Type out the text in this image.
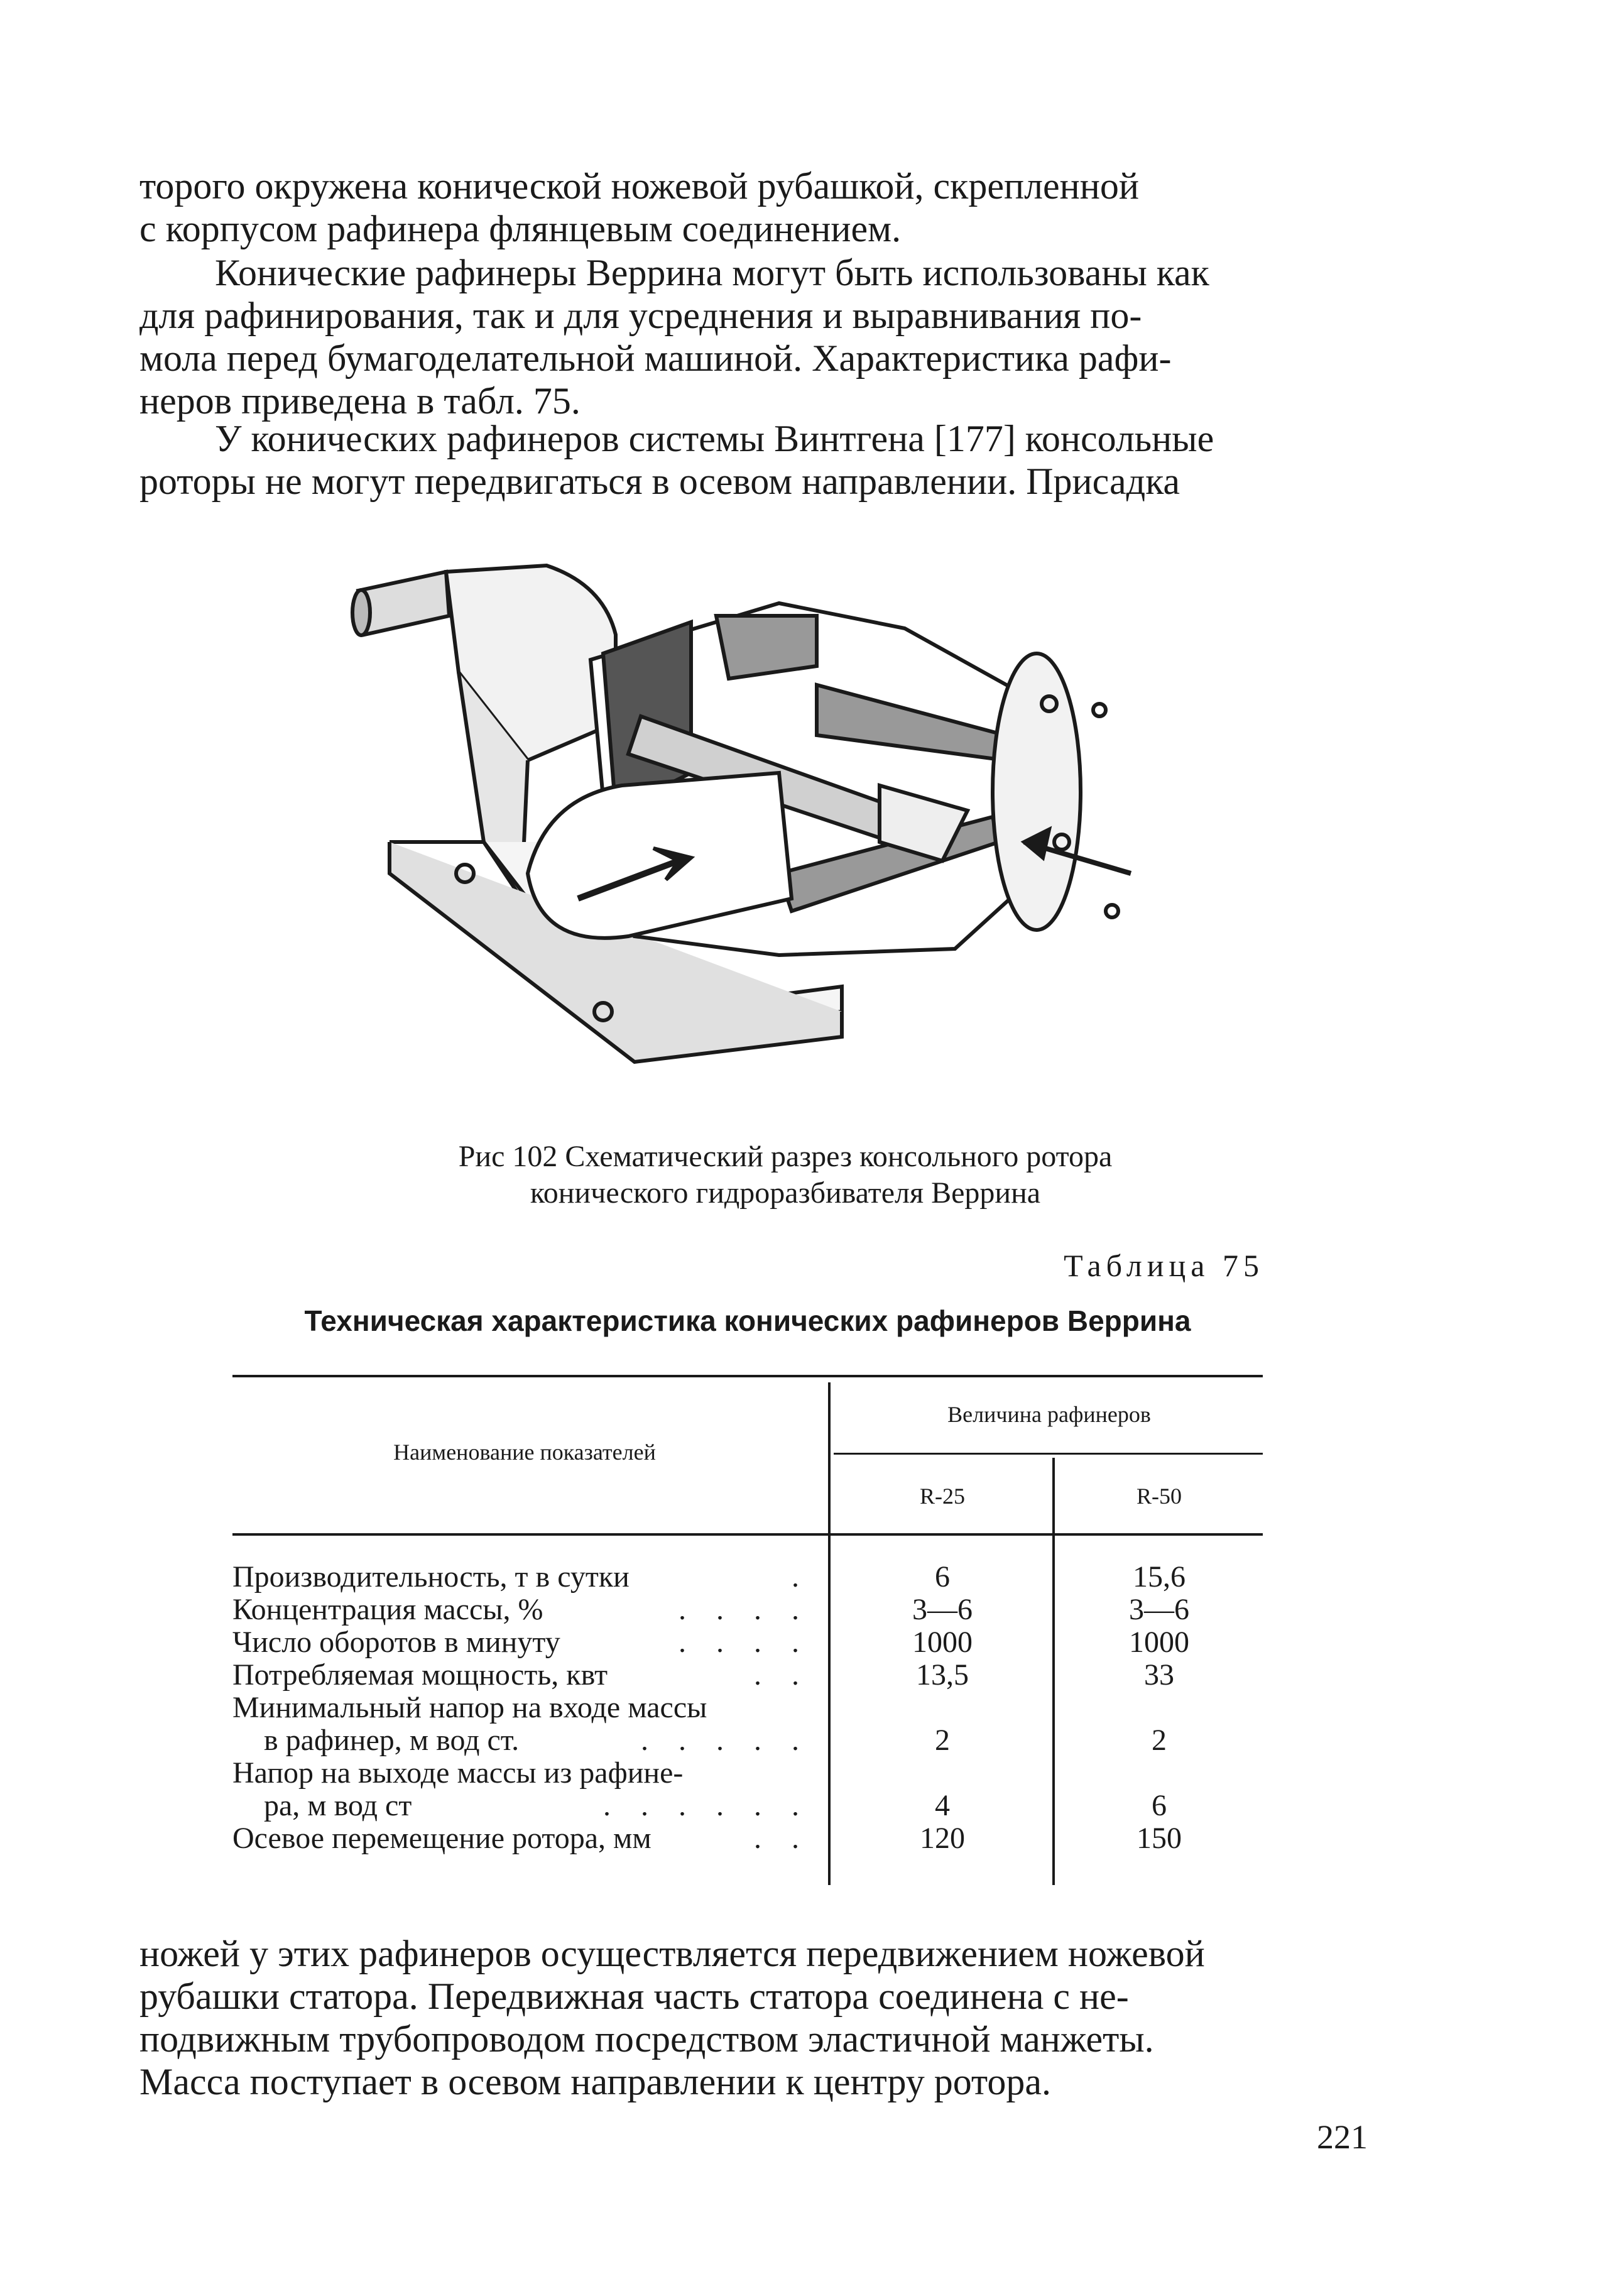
торого окружена конической ножевой рубашкой, скрепленной
с корпусом рафинера флянцевым соединением.

Конические рафинеры Веррина могут быть использованы как
для рафинирования, так и для усреднения и выравнивания по-
мола перед бумагоделательной машиной. Характеристика рафи-
неров приведена в табл. 75.

У конических рафинеров системы Винтгена [177] консольные
роторы не могут передвигаться в осевом направлении. Присадка

Рис 102 Схематический разрез консольного ротора
конического гидроразбивателя Веррина
Таблица 75
Техническая характеристика конических рафинеров Веррина
Наименование показателей
Величина рафинеров
R-25	R-50
Производительность, т в сутки	.	6	15,6
Концентрация массы, %	. . . .	3—6	3—6
Число оборотов в минуту	. . . .	1000	1000
Потребляемая мощность, квт	. .	13,5	33
Минимальный напор на входе массы
в рафинер, м вод ст.	. . . . .	2	2
Напор на выходе массы из рафине-
ра, м вод ст	. . . . . .	4	6
Осевое перемещение ротора, мм	. .	120	150

ножей у этих рафинеров осуществляется передвижением ножевой
рубашки статора. Передвижная часть статора соединена с не-
подвижным трубопроводом посредством эластичной манжеты.
Масса поступает в осевом направлении к центру ротора.

221
